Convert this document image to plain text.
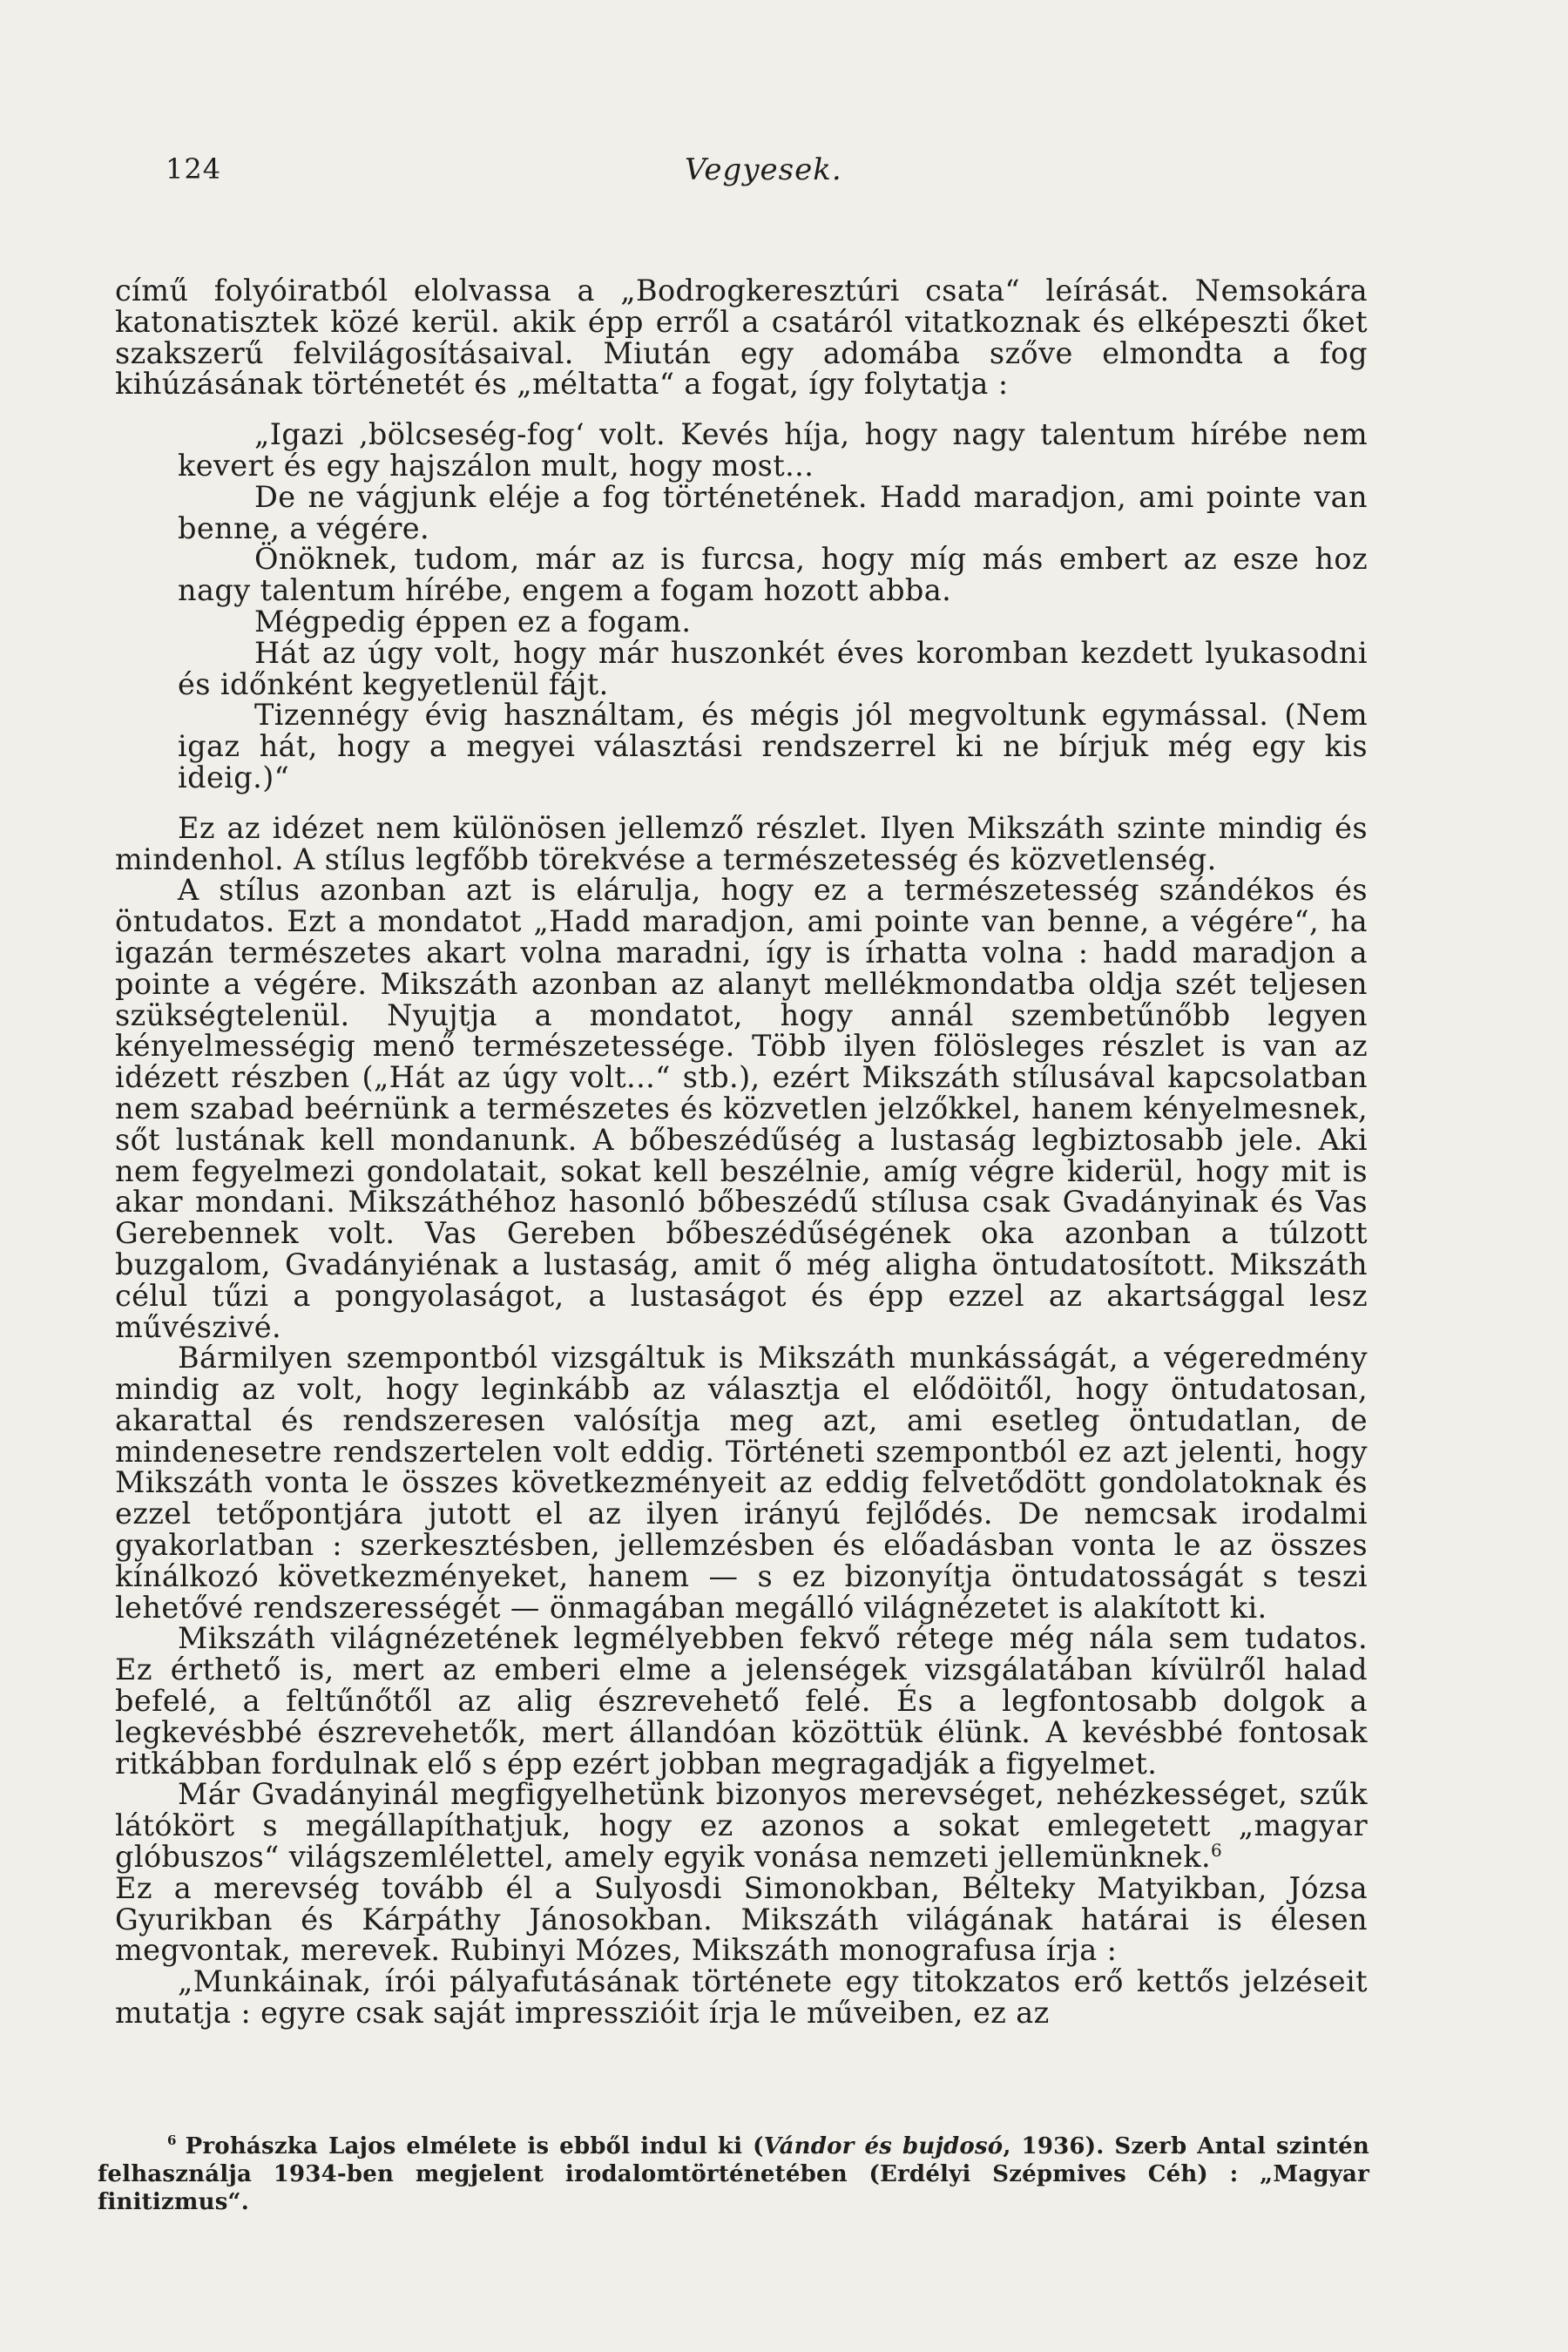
124	Vegyesek.

című folyóiratból elolvassa a „Bodrogkeresztúri csata“ leírását. Nemsokára katonatisztek közé kerül. akik épp erről a csatáról vitatkoznak és elképeszti őket szakszerű felvilágosításaival. Miután egy adomába szőve elmondta a fog kihúzásának történetét és „méltatta“ a fogat, így folytatja :

„Igazi ‚bölcseség-fog‘ volt. Kevés híja, hogy nagy talentum hírébe nem kevert és egy hajszálon mult, hogy most...

De ne vágjunk eléje a fog történetének. Hadd maradjon, ami pointe van benne, a végére.

Önöknek, tudom, már az is furcsa, hogy míg más embert az esze hoz nagy talentum hírébe, engem a fogam hozott abba.

Mégpedig éppen ez a fogam.

Hát az úgy volt, hogy már huszonkét éves koromban kezdett lyukasodni és időnként kegyetlenül fájt.

Tizennégy évig használtam, és mégis jól megvoltunk egymással. (Nem igaz hát, hogy a megyei választási rendszerrel ki ne bírjuk még egy kis ideig.)“

Ez az idézet nem különösen jellemző részlet. Ilyen Mikszáth szinte mindig és mindenhol. A stílus legfőbb törekvése a természetesség és közvetlenség.

A stílus azonban azt is elárulja, hogy ez a természetesség szándékos és öntudatos. Ezt a mondatot „Hadd maradjon, ami pointe van benne, a végére“, ha igazán természetes akart volna maradni, így is írhatta volna : hadd maradjon a pointe a végére. Mikszáth azonban az alanyt mellékmondatba oldja szét teljesen szükségtelenül. Nyujtja a mondatot, hogy annál szembetűnőbb legyen kényelmességig menő természetessége. Több ilyen fölösleges részlet is van az idézett részben („Hát az úgy volt...“ stb.), ezért Mikszáth stílusával kapcsolatban nem szabad beérnünk a természetes és közvetlen jelzőkkel, hanem kényelmesnek, sőt lustának kell mondanunk. A bőbeszédűség a lustaság legbiztosabb jele. Aki nem fegyelmezi gondolatait, sokat kell beszélnie, amíg végre kiderül, hogy mit is akar mondani. Mikszáthéhoz hasonló bőbeszédű stílusa csak Gvadányinak és Vas Gerebennek volt. Vas Gereben bőbeszédűségének oka azonban a túlzott buzgalom, Gvadányiénak a lustaság, amit ő még aligha öntudatosított. Mikszáth célul tűzi a pongyolaságot, a lustaságot és épp ezzel az akartsággal lesz művészivé.

Bármilyen szempontból vizsgáltuk is Mikszáth munkásságát, a végeredmény mindig az volt, hogy leginkább az választja el elődöitől, hogy öntudatosan, akarattal és rendszeresen valósítja meg azt, ami esetleg öntudatlan, de mindenesetre rendszertelen volt eddig. Történeti szempontból ez azt jelenti, hogy Mikszáth vonta le összes következményeit az eddig felvetődött gondolatoknak és ezzel tetőpontjára jutott el az ilyen irányú fejlődés. De nemcsak irodalmi gyakorlatban : szerkesztésben, jellemzésben és előadásban vonta le az összes kínálkozó következményeket, hanem — s ez bizonyítja öntudatosságát s teszi lehetővé rendszerességét — önmagában megálló világnézetet is alakított ki.

Mikszáth világnézetének legmélyebben fekvő rétege még nála sem tudatos. Ez érthető is, mert az emberi elme a jelenségek vizsgálatában kívülről halad befelé, a feltűnőtől az alig észrevehető felé. És a legfontosabb dolgok a legkevésbbé észrevehetők, mert állandóan közöttük élünk. A kevésbbé fontosak ritkábban fordulnak elő s épp ezért jobban megragadják a figyelmet.

Már Gvadányinál megfigyelhetünk bizonyos merevséget, nehézkességet, szűk látókört s megállapíthatjuk, hogy ez azonos a sokat emlegetett „magyar glóbuszos“ világszemlélettel, amely egyik vonása nemzeti jellemünknek.$^6$

Ez a merevség tovább él a Sulyosdi Simonokban, Bélteky Matyikban, Józsa Gyurikban és Kárpáthy Jánosokban. Mikszáth világának határai is élesen megvontak, merevek. Rubinyi Mózes, Mikszáth monografusa írja :

„Munkáinak, írói pályafutásának története egy titokzatos erő kettős jelzéseit mutatja : egyre csak saját impresszióit írja le műveiben, ez az

$^6$ Prohászka Lajos elmélete is ebből indul ki (Vándor és bujdosó, 1936). Szerb Antal szintén felhasználja 1934-ben megjelent irodalomtörténetében (Erdélyi Szépmives Céh) : „Magyar finitizmus“.
